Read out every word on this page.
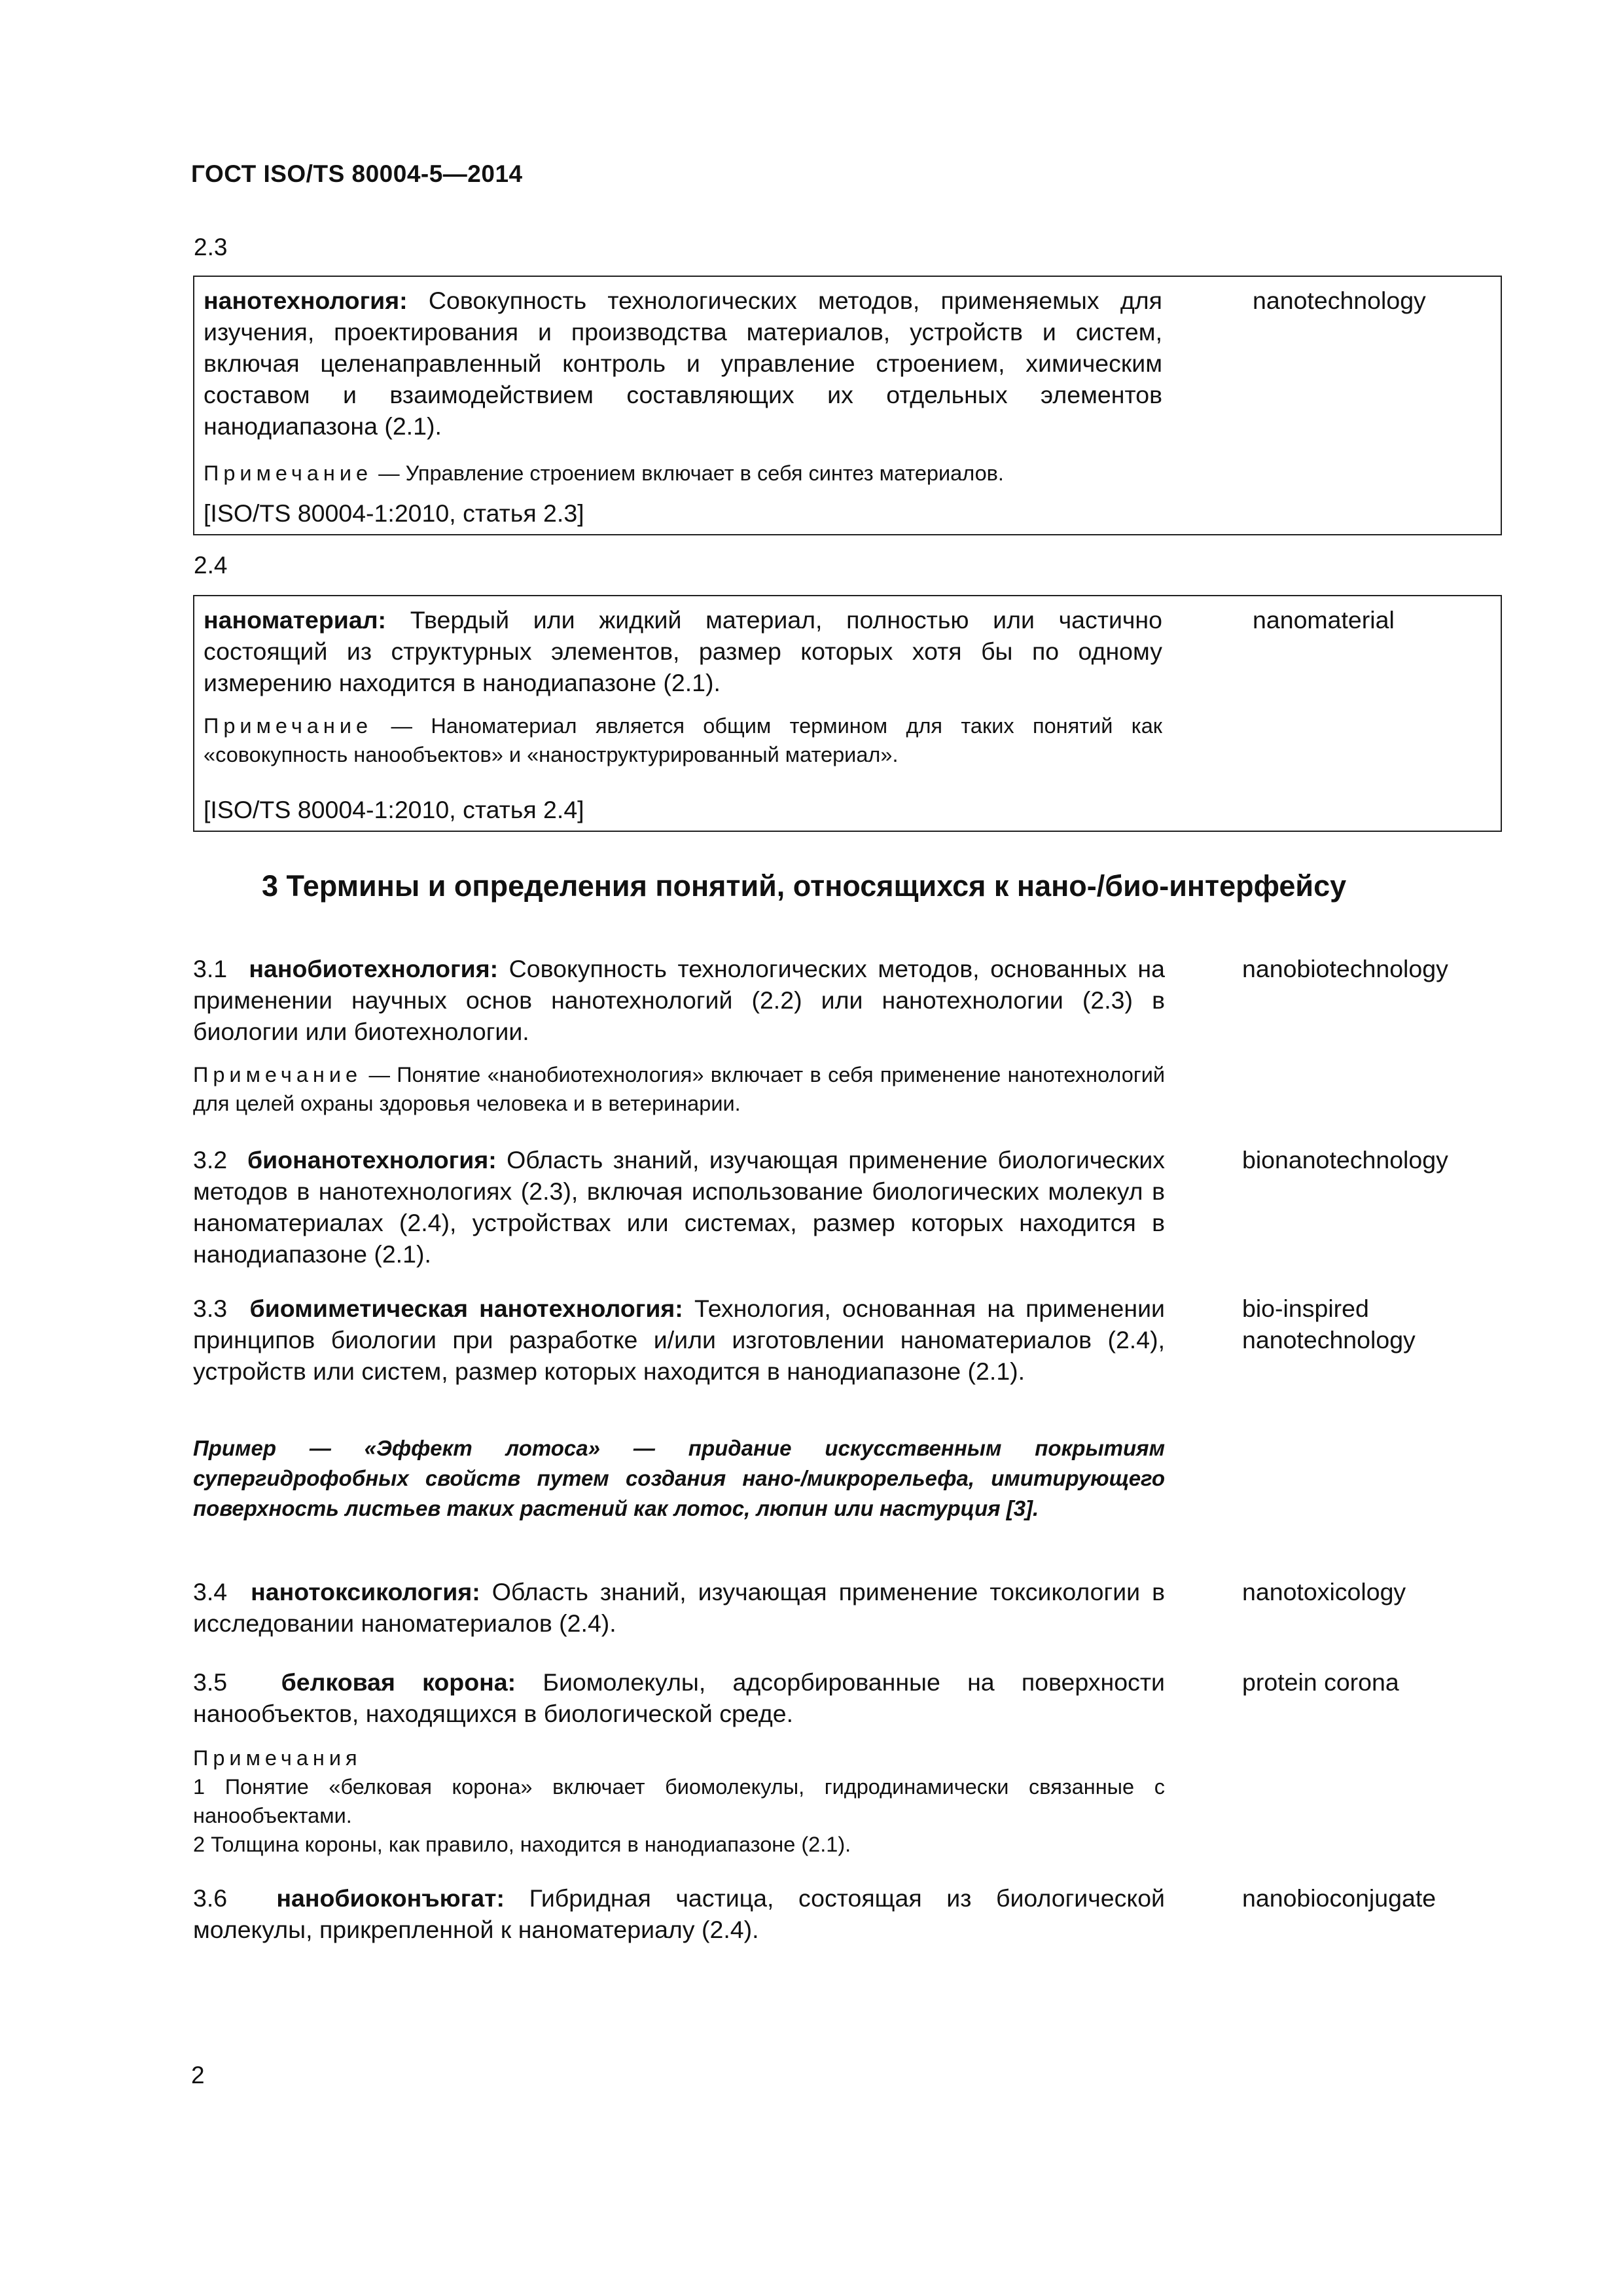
ГОСТ ISO/TS 80004-5—2014
2.3
нанотехнология: Совокупность технологических методов, применяемых для изучения, проектирования и производства материалов, устройств и систем, включая целенаправленный контроль и управление строением, химическим составом и взаимодействием составляющих их отдельных элементов нанодиапазона (2.1).
nanotechnology
Примечание — Управление строением включает в себя синтез материалов.
[ISO/TS 80004-1:2010, статья 2.3]
2.4
наноматериал: Твердый или жидкий материал, полностью или частично состоящий из структурных элементов, размер которых хотя бы по одному измерению находится в нанодиапазоне (2.1).
nanomaterial
Примечание — Наноматериал является общим термином для таких понятий как «совокупность нанообъектов» и «наноструктурированный материал».
[ISO/TS 80004-1:2010, статья 2.4]
3 Термины и определения понятий, относящихся к нано-/био-интерфейсу
3.1 нанобиотехнология: Совокупность технологических методов, основанных на применении научных основ нанотехнологий (2.2) или нанотехнологии (2.3) в биологии или биотехнологии.
nanobiotechnology
Примечание — Понятие «нанобиотехнология» включает в себя применение нанотехнологий для целей охраны здоровья человека и в ветеринарии.
3.2 бионанотехнология: Область знаний, изучающая применение биологических методов в нанотехнологиях (2.3), включая использование биологических молекул в наноматериалах (2.4), устройствах или системах, размер которых находится в нанодиапазоне (2.1).
bionanotechnology
3.3 биомиметическая нанотехнология: Технология, основанная на применении принципов биологии при разработке и/или изготовлении наноматериалов (2.4), устройств или систем, размер которых находится в нанодиапазоне (2.1).
bio-inspired
nanotechnology
Пример — «Эффект лотоса» — придание искусственным покрытиям супергидрофобных свойств путем создания нано-/микрорельефа, имитирующего поверхность листьев таких растений как лотос, люпин или настурция [3].
3.4 нанотоксикология: Область знаний, изучающая применение токсикологии в исследовании наноматериалов (2.4).
nanotoxicology
3.5 белковая корона: Биомолекулы, адсорбированные на поверхности нанообъектов, находящихся в биологической среде.
protein corona
Примечания
1 Понятие «белковая корона» включает биомолекулы, гидродинамически связанные с нанообъектами.
2 Толщина короны, как правило, находится в нанодиапазоне (2.1).
3.6 нанобиоконъюгат: Гибридная частица, состоящая из биологической молекулы, прикрепленной к наноматериалу (2.4).
nanobioconjugate
2
